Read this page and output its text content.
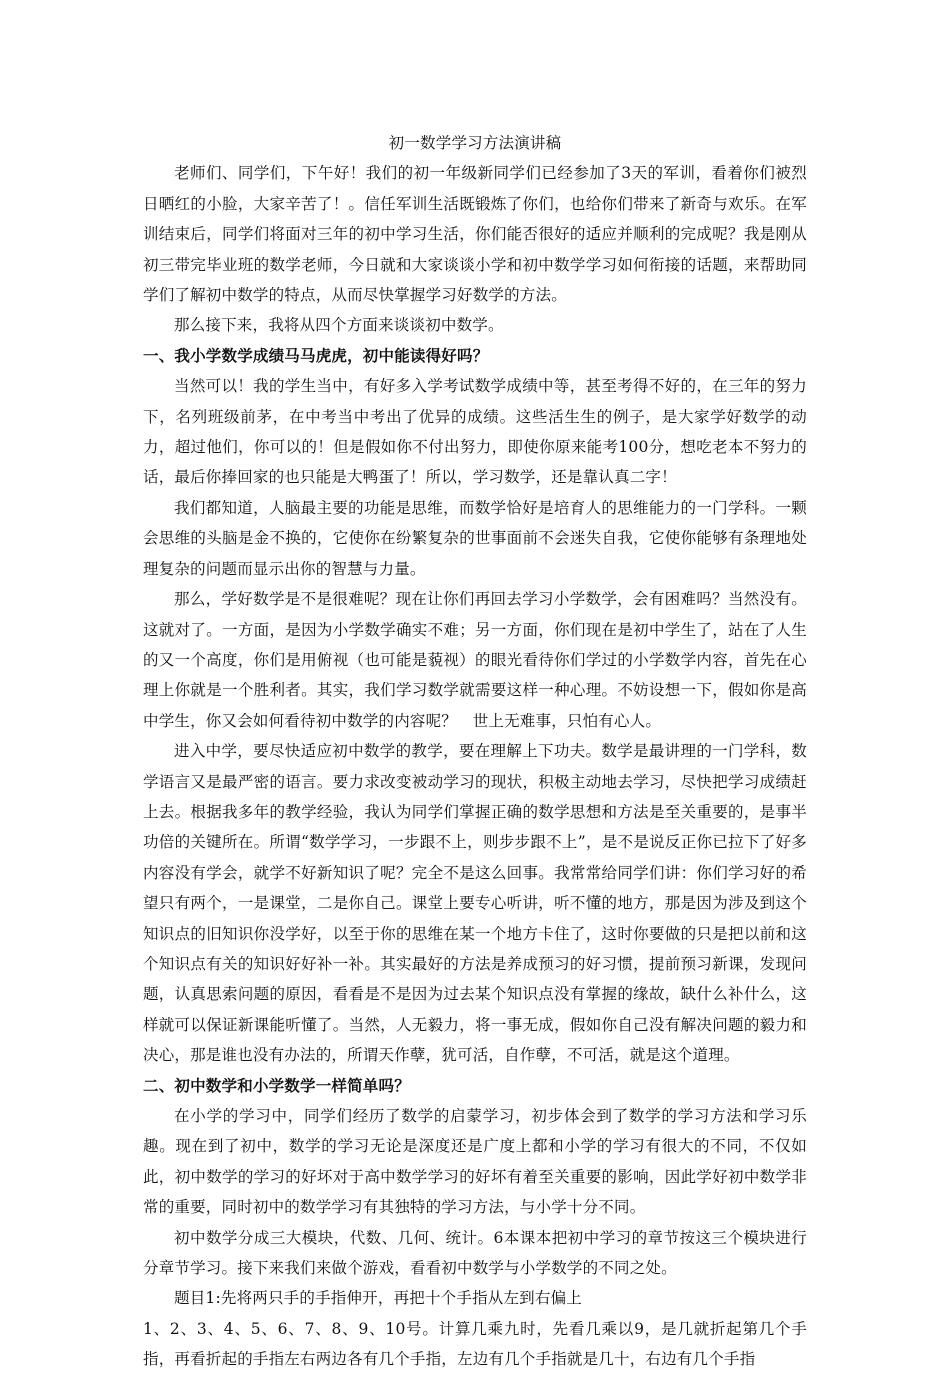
初一数学学习方法演讲稿

老师们、同学们，下午好！我们的初一年级新同学们已经参加了3天的军训，看着你们被烈日晒红的小脸，大家辛苦了！。信任军训生活既锻炼了你们，也给你们带来了新奇与欢乐。在军训结束后，同学们将面对三年的初中学习生活，你们能否很好的适应并顺利的完成呢？我是刚从初三带完毕业班的数学老师，今日就和大家谈谈小学和初中数学学习如何衔接的话题，来帮助同学们了解初中数学的特点，从而尽快掌握学习好数学的方法。

那么接下来，我将从四个方面来谈谈初中数学。

一、我小学数学成绩马马虎虎，初中能读得好吗？

当然可以！我的学生当中，有好多入学考试数学成绩中等，甚至考得不好的，在三年的努力下，名列班级前茅，在中考当中考出了优异的成绩。这些活生生的例子，是大家学好数学的动力，超过他们，你可以的！但是假如你不付出努力，即使你原来能考100分，想吃老本不努力的话，最后你捧回家的也只能是大鸭蛋了！所以，学习数学，还是靠认真二字！

我们都知道，人脑最主要的功能是思维，而数学恰好是培育人的思维能力的一门学科。一颗会思维的头脑是金不换的，它使你在纷繁复杂的世事面前不会迷失自我，它使你能够有条理地处理复杂的问题而显示出你的智慧与力量。

那么，学好数学是不是很难呢？现在让你们再回去学习小学数学，会有困难吗？当然没有。这就对了。一方面，是因为小学数学确实不难；另一方面，你们现在是初中学生了，站在了人生的又一个高度，你们是用俯视（也可能是藐视）的眼光看待你们学过的小学数学内容，首先在心理上你就是一个胜利者。其实，我们学习数学就需要这样一种心理。不妨设想一下，假如你是高中学生，你又会如何看待初中数学的内容呢？　世上无难事，只怕有心人。

进入中学，要尽快适应初中数学的教学，要在理解上下功夫。数学是最讲理的一门学科，数学语言又是最严密的语言。要力求改变被动学习的现状，积极主动地去学习，尽快把学习成绩赶上去。根据我多年的教学经验，我认为同学们掌握正确的数学思想和方法是至关重要的，是事半功倍的关键所在。所谓“数学学习，一步跟不上，则步步跟不上”，是不是说反正你已拉下了好多内容没有学会，就学不好新知识了呢？完全不是这么回事。我常常给同学们讲：你们学习好的希望只有两个，一是课堂，二是你自己。课堂上要专心听讲，听不懂的地方，那是因为涉及到这个知识点的旧知识你没学好，以至于你的思维在某一个地方卡住了，这时你要做的只是把以前和这个知识点有关的知识好好补一补。其实最好的方法是养成预习的好习惯，提前预习新课，发现问题，认真思索问题的原因，看看是不是因为过去某个知识点没有掌握的缘故，缺什么补什么，这样就可以保证新课能听懂了。当然，人无毅力，将一事无成，假如你自己没有解决问题的毅力和决心，那是谁也没有办法的，所谓天作孽，犹可活，自作孽，不可活，就是这个道理。

二、初中数学和小学数学一样简单吗？

在小学的学习中，同学们经历了数学的启蒙学习，初步体会到了数学的学习方法和学习乐趣。现在到了初中，数学的学习无论是深度还是广度上都和小学的学习有很大的不同，不仅如此，初中数学的学习的好坏对于高中数学学习的好坏有着至关重要的影响，因此学好初中数学非常的重要，同时初中的数学学习有其独特的学习方法，与小学十分不同。

初中数学分成三大模块，代数、几何、统计。6本课本把初中学习的章节按这三个模块进行分章节学习。接下来我们来做个游戏，看看初中数学与小学数学的不同之处。

题目1:先将两只手的手指伸开，再把十个手指从左到右偏上

1、2、3、4、5、6、7、8、9、10号。计算几乘九时，先看几乘以9，是几就折起第几个手指，再看折起的手指左右两边各有几个手指，左边有几个手指就是几十，右边有几个手指
